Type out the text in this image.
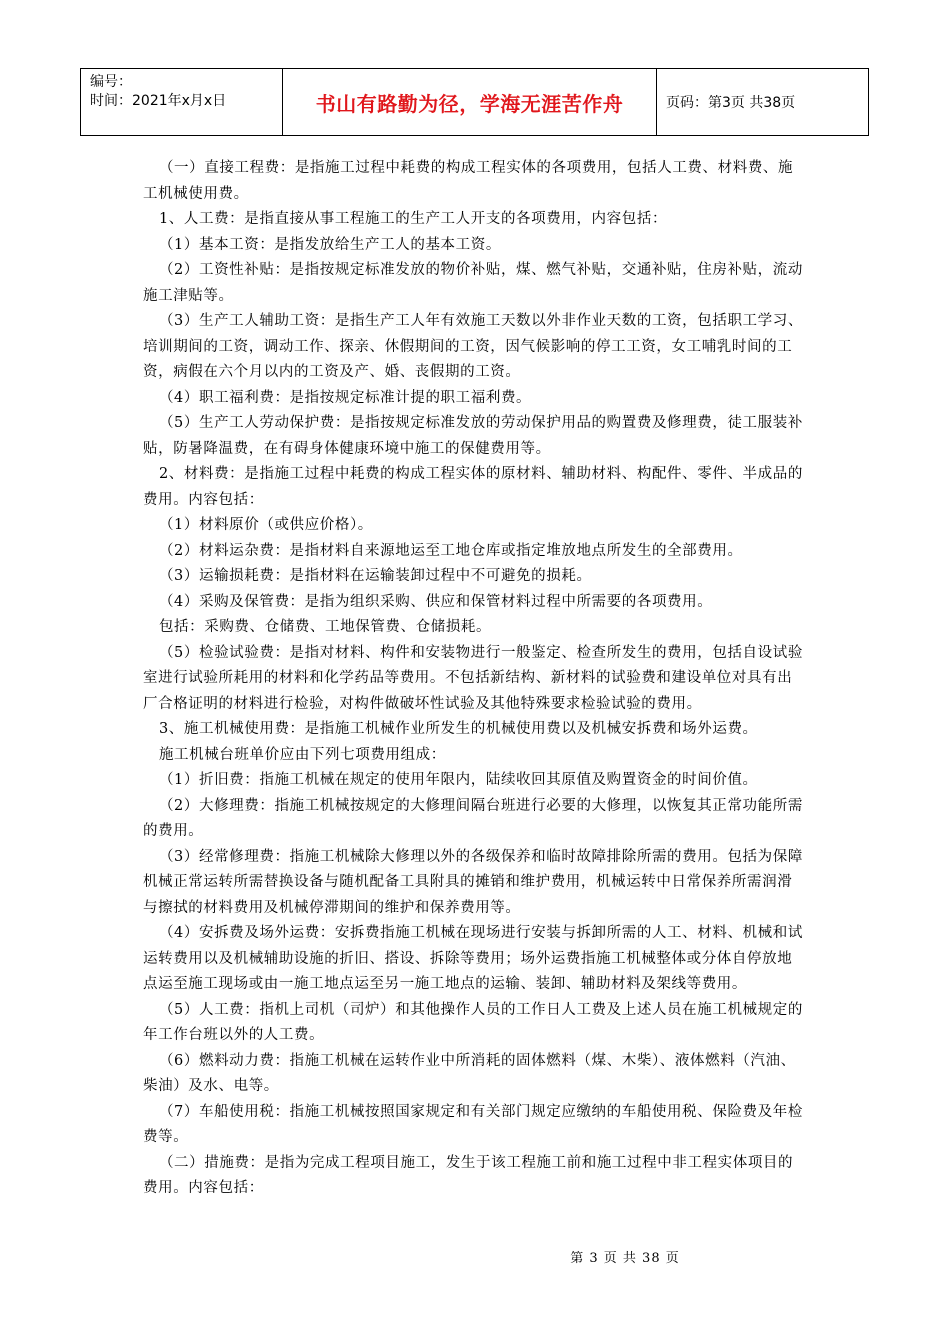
编号：
时间：2021年x月x日	书山有路勤为径，学海无涯苦作舟	页码：第3页 共38页

（一）直接工程费：是指施工过程中耗费的构成工程实体的各项费用，包括人工费、材料费、施工机械使用费。

1、人工费：是指直接从事工程施工的生产工人开支的各项费用，内容包括：

（1）基本工资：是指发放给生产工人的基本工资。

（2）工资性补贴：是指按规定标准发放的物价补贴，煤、燃气补贴，交通补贴，住房补贴，流动施工津贴等。

（3）生产工人辅助工资：是指生产工人年有效施工天数以外非作业天数的工资，包括职工学习、培训期间的工资，调动工作、探亲、休假期间的工资，因气候影响的停工工资，女工哺乳时间的工资，病假在六个月以内的工资及产、婚、丧假期的工资。

（4）职工福利费：是指按规定标准计提的职工福利费。

（5）生产工人劳动保护费：是指按规定标准发放的劳动保护用品的购置费及修理费，徒工服装补贴，防暑降温费，在有碍身体健康环境中施工的保健费用等。

2、材料费：是指施工过程中耗费的构成工程实体的原材料、辅助材料、构配件、零件、半成品的费用。内容包括：

（1）材料原价（或供应价格）。

（2）材料运杂费：是指材料自来源地运至工地仓库或指定堆放地点所发生的全部费用。

（3）运输损耗费：是指材料在运输装卸过程中不可避免的损耗。

（4）采购及保管费：是指为组织采购、供应和保管材料过程中所需要的各项费用。

包括：采购费、仓储费、工地保管费、仓储损耗。

（5）检验试验费：是指对材料、构件和安装物进行一般鉴定、检查所发生的费用，包括自设试验室进行试验所耗用的材料和化学药品等费用。不包括新结构、新材料的试验费和建设单位对具有出厂合格证明的材料进行检验，对构件做破坏性试验及其他特殊要求检验试验的费用。

3、施工机械使用费：是指施工机械作业所发生的机械使用费以及机械安拆费和场外运费。

施工机械台班单价应由下列七项费用组成：

（1）折旧费：指施工机械在规定的使用年限内，陆续收回其原值及购置资金的时间价值。

（2）大修理费：指施工机械按规定的大修理间隔台班进行必要的大修理，以恢复其正常功能所需的费用。

（3）经常修理费：指施工机械除大修理以外的各级保养和临时故障排除所需的费用。包括为保障机械正常运转所需替换设备与随机配备工具附具的摊销和维护费用，机械运转中日常保养所需润滑与擦拭的材料费用及机械停滞期间的维护和保养费用等。

（4）安拆费及场外运费：安拆费指施工机械在现场进行安装与拆卸所需的人工、材料、机械和试运转费用以及机械辅助设施的折旧、搭设、拆除等费用；场外运费指施工机械整体或分体自停放地点运至施工现场或由一施工地点运至另一施工地点的运输、装卸、辅助材料及架线等费用。

（5）人工费：指机上司机（司炉）和其他操作人员的工作日人工费及上述人员在施工机械规定的年工作台班以外的人工费。

（6）燃料动力费：指施工机械在运转作业中所消耗的固体燃料（煤、木柴）、液体燃料（汽油、柴油）及水、电等。

（7）车船使用税：指施工机械按照国家规定和有关部门规定应缴纳的车船使用税、保险费及年检费等。

（二）措施费：是指为完成工程项目施工，发生于该工程施工前和施工过程中非工程实体项目的费用。内容包括：

第 3 页 共 38 页
